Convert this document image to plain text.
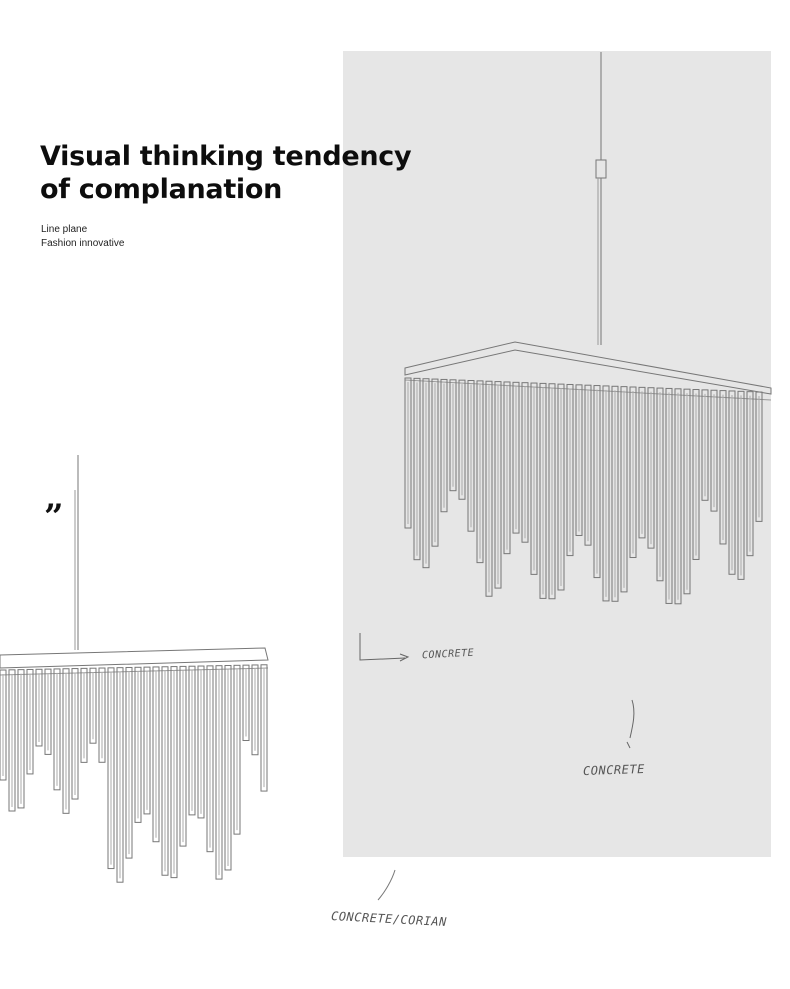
Visual thinking tendency
of complanation
Line plane
Fashion innovative
”
CONCRETE
CONCRETE
CONCRETE/CORIAN
